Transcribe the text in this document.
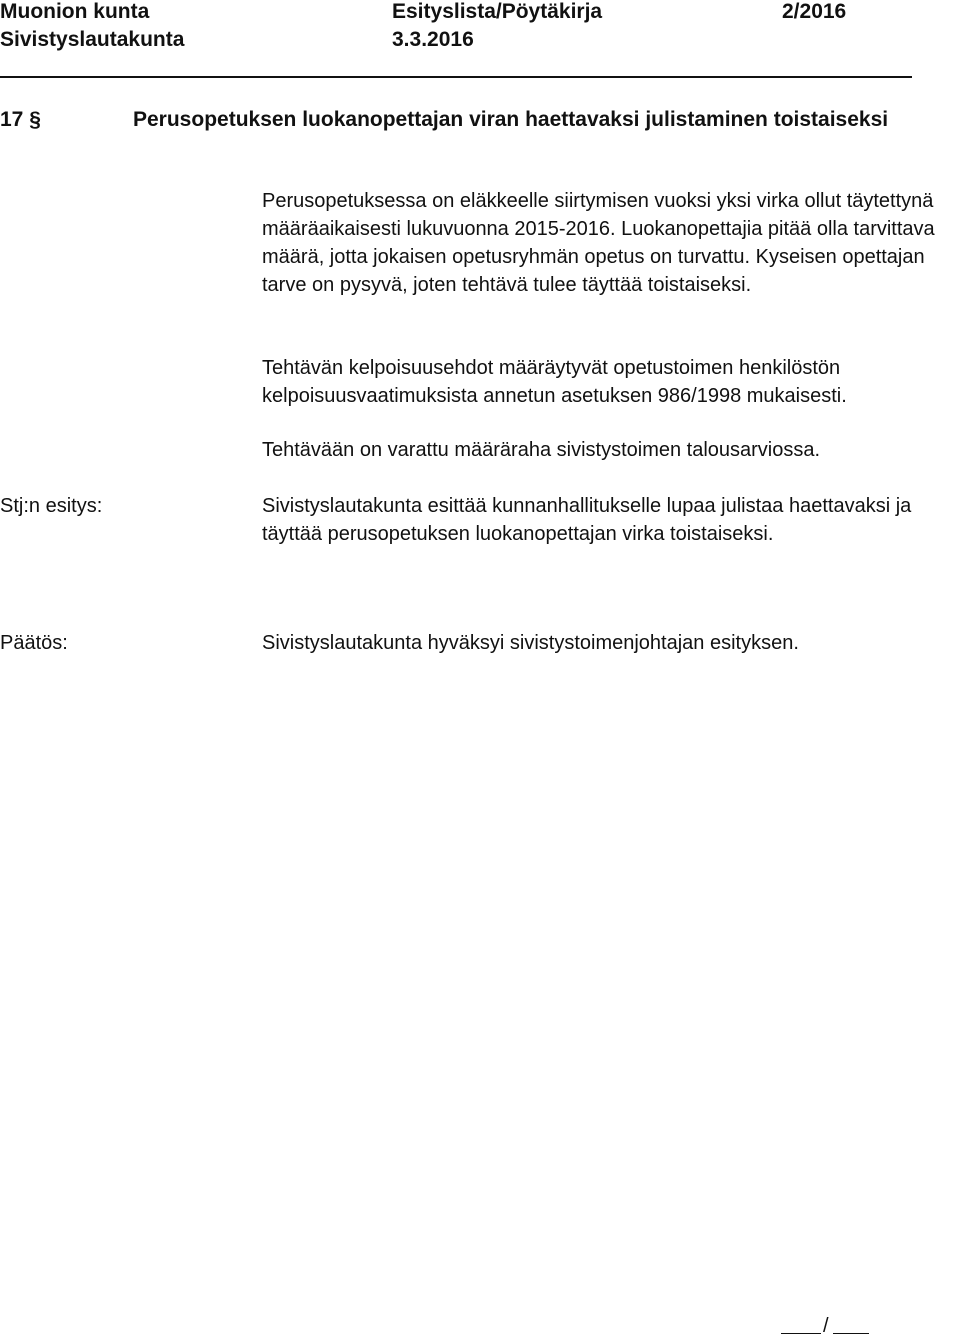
Muonion kunta
Sivistyslautakunta
Esityslista/Pöytäkirja
3.3.2016
2/2016
17 §	Perusopetuksen luokanopettajan viran haettavaksi julistaminen toistaiseksi
Perusopetuksessa on eläkkeelle siirtymisen vuoksi yksi virka ollut täytettynä määräaikaisesti lukuvuonna 2015-2016. Luokanopettajia pitää olla tarvittava määrä, jotta jokaisen opetusryhmän opetus on turvattu. Kyseisen opettajan tarve on pysyvä, joten tehtävä tulee täyttää toistaiseksi.
Tehtävän kelpoisuusehdot määräytyvät opetustoimen henkilöstön kelpoisuusvaatimuksista annetun asetuksen 986/1998 mukaisesti.
Tehtävään on varattu määräraha sivistystoimen talousarviossa.
Stj:n esitys:	Sivistyslautakunta esittää kunnanhallitukselle lupaa julistaa haettavaksi ja täyttää perusopetuksen luokanopettajan virka toistaiseksi.
Päätös:	Sivistyslautakunta hyväksyi sivistystoimenjohtajan esityksen.
/
